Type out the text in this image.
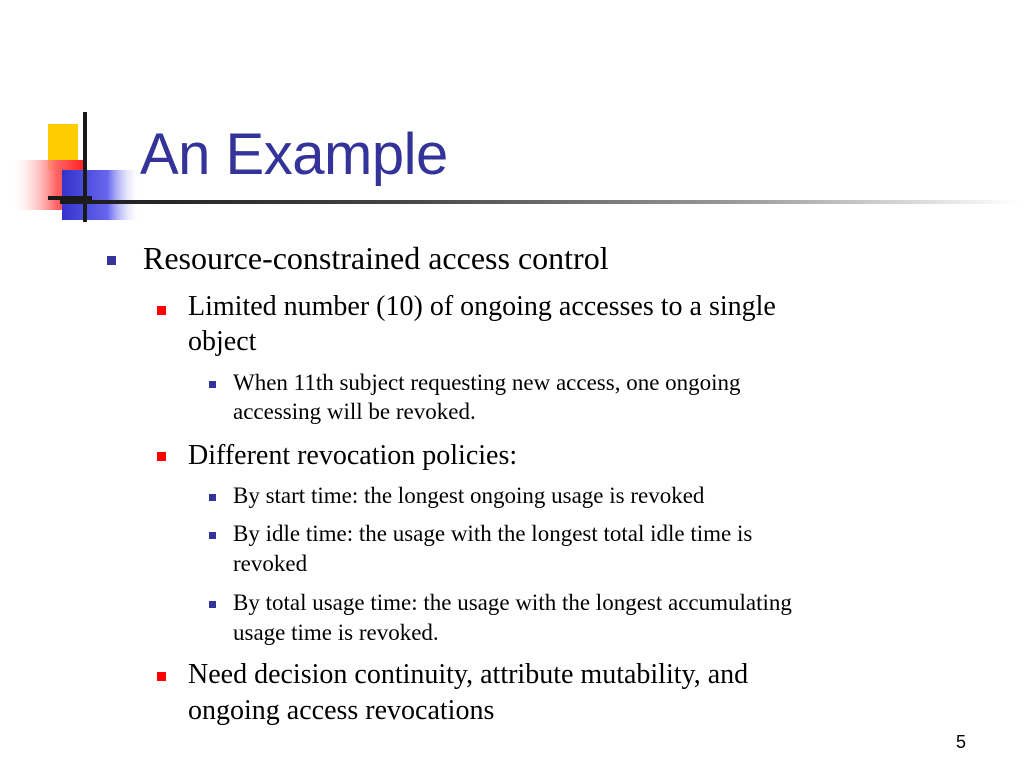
An Example
Resource-constrained access control
Limited number (10) of ongoing accesses to a single
object
When 11th subject requesting new access, one ongoing
accessing will be revoked.
Different revocation policies:
By start time: the longest ongoing usage is revoked
By idle time: the usage with the longest total idle time is
revoked
By total usage time: the usage with the longest accumulating
usage time is revoked.
Need decision continuity, attribute mutability, and
ongoing access revocations
5
